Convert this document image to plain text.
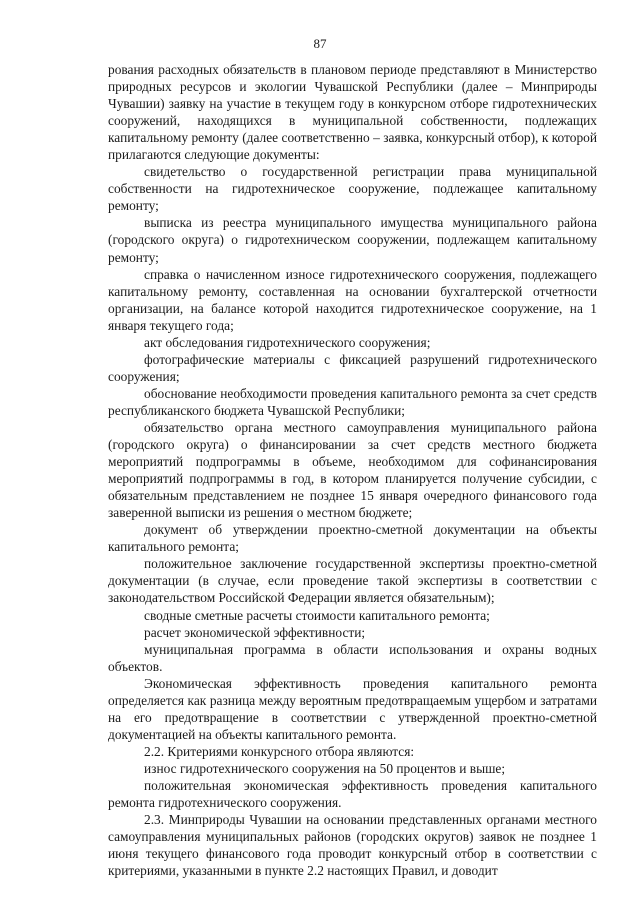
87

рования расходных обязательств в плановом периоде представляют в Министерство природных ресурсов и экологии Чувашской Республики (далее – Минприроды Чувашии) заявку на участие в текущем году в конкурсном отборе гидротехнических сооружений, находящихся в муниципальной собственности, подлежащих капитальному ремонту (далее соответственно – заявка, конкурсный отбор), к которой прилагаются следующие документы:

свидетельство о государственной регистрации права муниципальной собственности на гидротехническое сооружение, подлежащее капитальному ремонту;

выписка из реестра муниципального имущества муниципального района (городского округа) о гидротехническом сооружении, подлежащем капитальному ремонту;

справка о начисленном износе гидротехнического сооружения, подлежащего капитальному ремонту, составленная на основании бухгалтерской отчетности организации, на балансе которой находится гидротехническое сооружение, на 1 января текущего года;

акт обследования гидротехнического сооружения;

фотографические материалы с фиксацией разрушений гидротехнического сооружения;

обоснование необходимости проведения капитального ремонта за счет средств республиканского бюджета Чувашской Республики;

обязательство органа местного самоуправления муниципального района (городского округа) о финансировании за счет средств местного бюджета мероприятий подпрограммы в объеме, необходимом для софинансирования мероприятий подпрограммы в год, в котором планируется получение субсидии, с обязательным представлением не позднее 15 января очередного финансового года заверенной выписки из решения о местном бюджете;

документ об утверждении проектно-сметной документации на объекты капитального ремонта;

положительное заключение государственной экспертизы проектно-сметной документации (в случае, если проведение такой экспертизы в соответствии с законодательством Российской Федерации является обязательным);

сводные сметные расчеты стоимости капитального ремонта;

расчет экономической эффективности;

муниципальная программа в области использования и охраны водных объектов.

Экономическая эффективность проведения капитального ремонта определяется как разница между вероятным предотвращаемым ущербом и затратами на его предотвращение в соответствии с утвержденной проектно-сметной документацией на объекты капитального ремонта.

2.2. Критериями конкурсного отбора являются:

износ гидротехнического сооружения на 50 процентов и выше;

положительная экономическая эффективность проведения капитального ремонта гидротехнического сооружения.

2.3. Минприроды Чувашии на основании представленных органами местного самоуправления муниципальных районов (городских округов) заявок не позднее 1 июня текущего финансового года проводит конкурсный отбор в соответствии с критериями, указанными в пункте 2.2 настоящих Правил, и доводит
